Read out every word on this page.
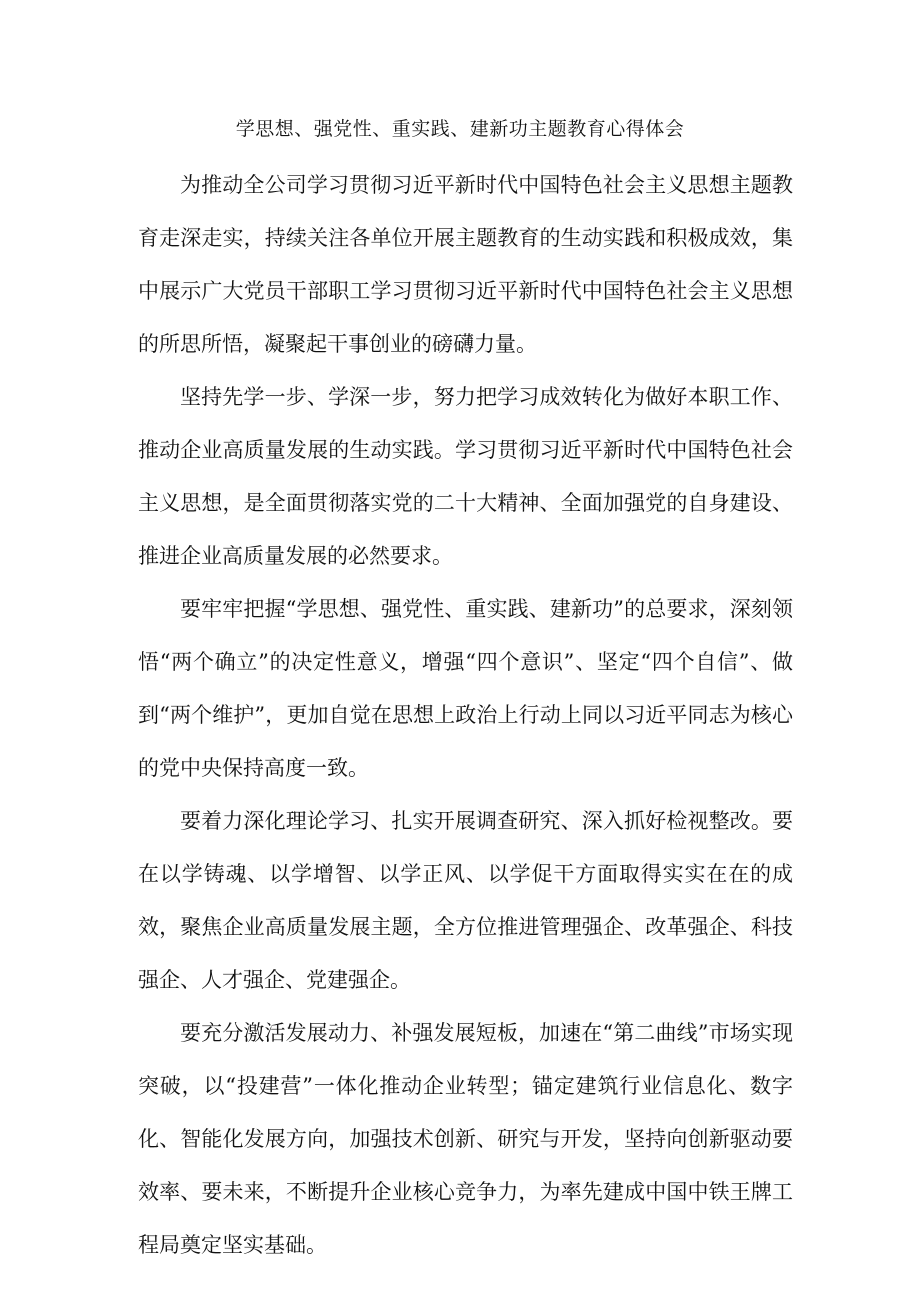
学思想、强党性、重实践、建新功主题教育心得体会

为推动全公司学习贯彻习近平新时代中国特色社会主义思想主题教育走深走实，持续关注各单位开展主题教育的生动实践和积极成效，集中展示广大党员干部职工学习贯彻习近平新时代中国特色社会主义思想的所思所悟，凝聚起干事创业的磅礴力量。

坚持先学一步、学深一步，努力把学习成效转化为做好本职工作、推动企业高质量发展的生动实践。学习贯彻习近平新时代中国特色社会主义思想，是全面贯彻落实党的二十大精神、全面加强党的自身建设、推进企业高质量发展的必然要求。

要牢牢把握“学思想、强党性、重实践、建新功”的总要求，深刻领悟“两个确立”的决定性意义，增强“四个意识”、坚定“四个自信”、做到“两个维护”，更加自觉在思想上政治上行动上同以习近平同志为核心的党中央保持高度一致。

要着力深化理论学习、扎实开展调查研究、深入抓好检视整改。要在以学铸魂、以学增智、以学正风、以学促干方面取得实实在在的成效，聚焦企业高质量发展主题，全方位推进管理强企、改革强企、科技强企、人才强企、党建强企。

要充分激活发展动力、补强发展短板，加速在“第二曲线”市场实现突破，以“投建营”一体化推动企业转型；锚定建筑行业信息化、数字化、智能化发展方向，加强技术创新、研究与开发，坚持向创新驱动要效率、要未来，不断提升企业核心竞争力，为率先建成中国中铁王牌工程局奠定坚实基础。
